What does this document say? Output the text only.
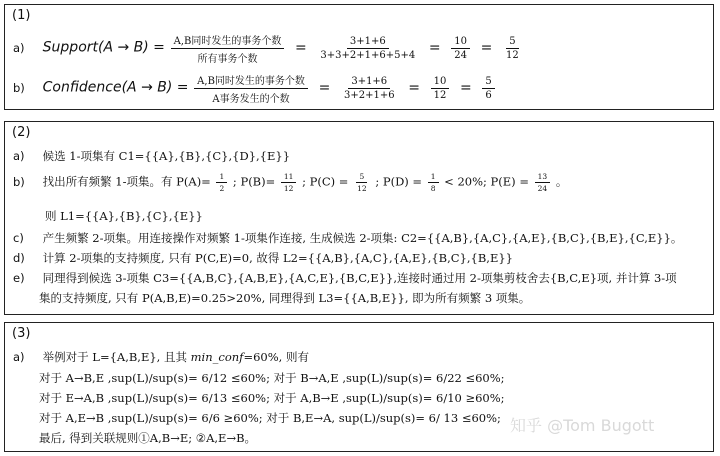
(1)
a) Support(A → $B) = \frac{\text{A,B同时发生的事务个数}}{\text{所有事务个数}} = \frac{3+1+6}{3+3+2+1+6+5+4} = \frac{10}{24} = \frac{5}{12}$
b) Confidence(A → $B) = \frac{\text{A,B同时发生的事务个数}}{\text{A事务发生的个数}} = \frac{3+1+6}{3+2+1+6} = \frac{10}{12} = \frac{5}{6}$
(2)
a) 候选 1-项集有 C1={{A},{B},{C},{D},{E}}
b) 找出所有频繁 1-项集。有 $P(A)= \frac{1}{2}$ ; $P(B)= \frac{11}{12}$ ; $P(C) = \frac{5}{12}$ ; $P(D) = \frac{1}{8} < 20\%$; $P(E) = \frac{13}{24}$ 。
则 L1={{A},{B},{C},{E}}
c) 产生频繁 2-项集。用连接操作对频繁 1-项集作连接, 生成候选 2-项集: C2={{A,B},{A,C},{A,E},{B,C},{B,E},{C,E}}。
d) 计算 2-项集的支持频度, 只有 P(C,E)=0, 故得 L2={{A,B},{A,C},{A,E},{B,C},{B,E}}
e) 同理得到候选 3-项集 C3={{A,B,C},{A,B,E},{A,C,E},{B,C,E}},连接时通过用 2-项集剪枝舍去{B,C,E}项, 并计算 3-项
集的支持频度, 只有 P(A,B,E)=0.25>20%, 同理得到 L3={{A,B,E}}, 即为所有频繁 3 项集。
(3)
a) 举例对于 L={A,B,E}, 且其 min_conf=60%, 则有
对于 A→B,E ,sup(L)/sup(s)= 6/12 ≤60%; 对于 B→A,E ,sup(L)/sup(s)= 6/22 ≤60%;
对于 E→A,B ,sup(L)/sup(s)= 6/13 ≤60%; 对于 A,B→E ,sup(L)/sup(s)= 6/10 ≥60%;
对于 A,E→B ,sup(L)/sup(s)= 6/6 ≥60%; 对于 B,E→A, sup(L)/sup(s)= 6/ 13 ≤60%;
最后, 得到关联规则①A,B→E; ②A,E→B。
知乎 @Tom Bugott
